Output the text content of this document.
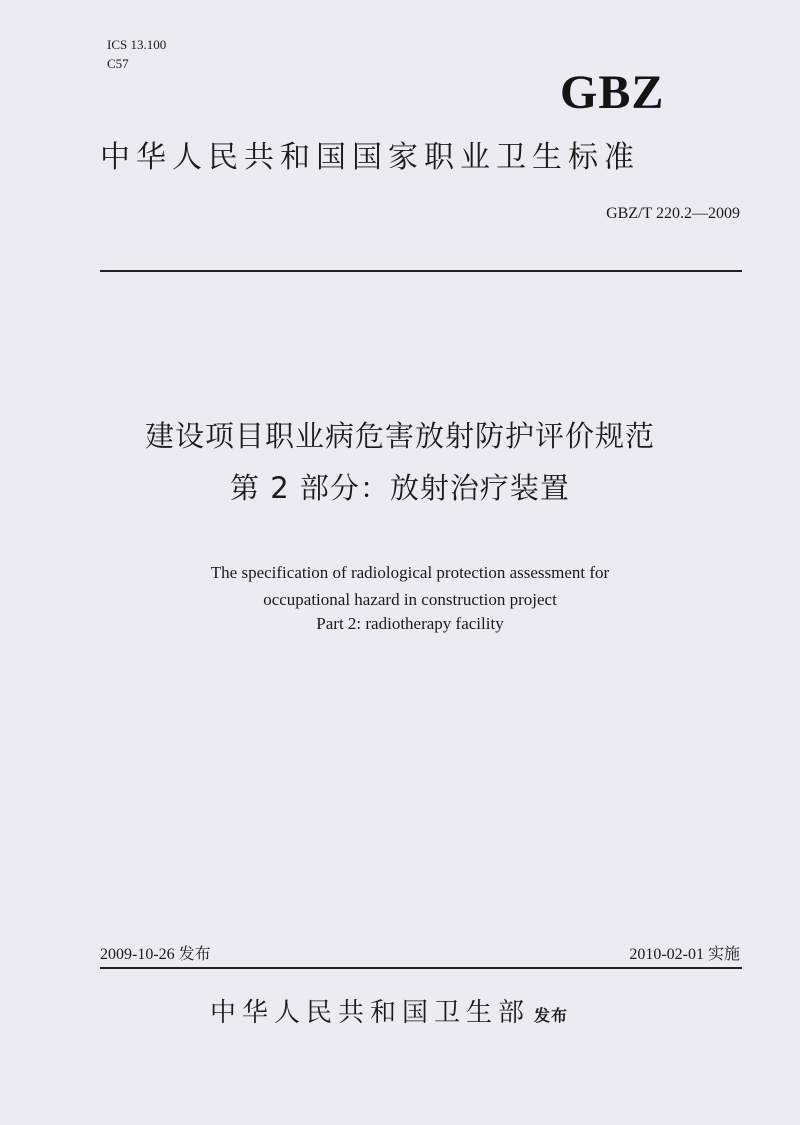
ICS 13.100
C57
GBZ
中华人民共和国国家职业卫生标准
GBZ/T 220.2—2009
建设项目职业病危害放射防护评价规范
第 2 部分：放射治疗装置
The specification of radiological protection assessment for
occupational hazard in construction project
Part 2: radiotherapy facility
2009-10-26 发布	2010-02-01 实施
中华人民共和国卫生部 发布
